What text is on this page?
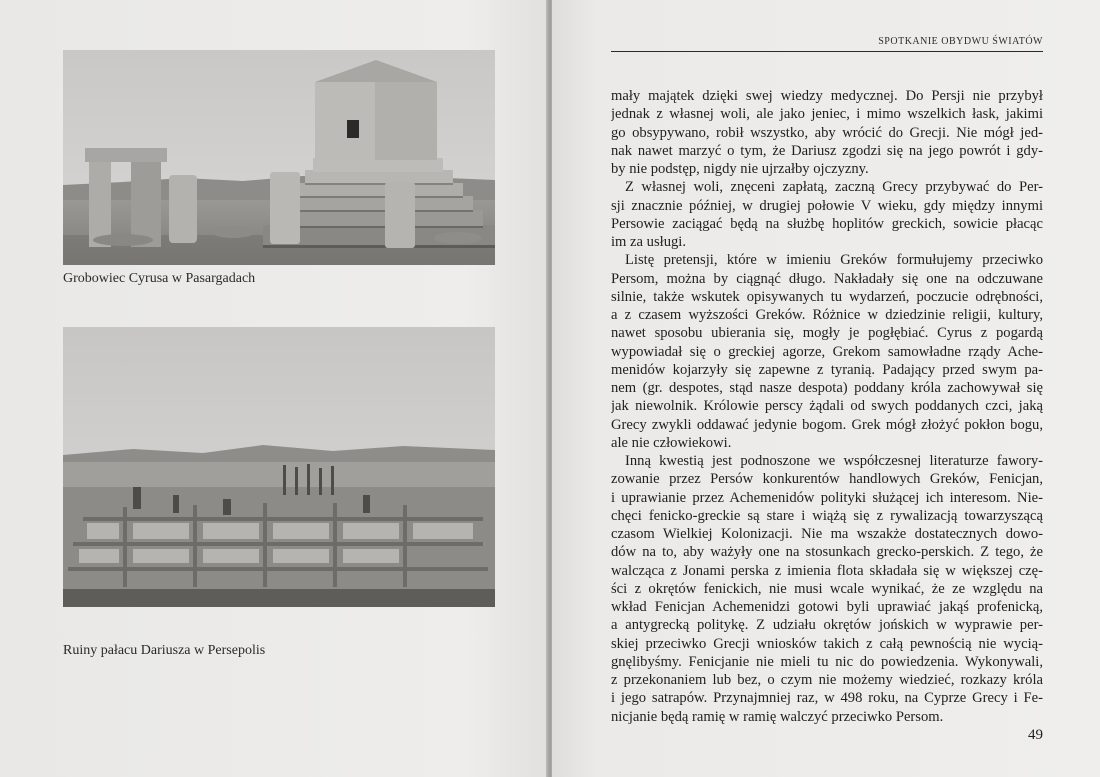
Grobowiec Cyrusa w Pasargadach
Ruiny pałacu Dariusza w Persepolis
SPOTKANIE OBYDWU ŚWIATÓW
mały majątek dzięki swej wiedzy medycznej. Do Persji nie przybył
jednak z własnej woli, ale jako jeniec, i mimo wszelkich łask, jakimi
go obsypywano, robił wszystko, aby wrócić do Grecji. Nie mógł jed-
nak nawet marzyć o tym, że Dariusz zgodzi się na jego powrót i gdy-
by nie podstęp, nigdy nie ujrzałby ojczyzny.
Z własnej woli, znęceni zapłatą, zaczną Grecy przybywać do Per-
sji znacznie później, w drugiej połowie V wieku, gdy między innymi
Persowie zaciągać będą na służbę hoplitów greckich, sowicie płacąc
im za usługi.
Listę pretensji, które w imieniu Greków formułujemy przeciwko
Persom, można by ciągnąć długo. Nakładały się one na odczuwane
silnie, także wskutek opisywanych tu wydarzeń, poczucie odrębności,
a z czasem wyższości Greków. Różnice w dziedzinie religii, kultury,
nawet sposobu ubierania się, mogły je pogłębiać. Cyrus z pogardą
wypowiadał się o greckiej agorze, Grekom samowładne rządy Ache-
menidów kojarzyły się zapewne z tyranią. Padający przed swym pa-
nem (gr. despotes, stąd nasze despota) poddany króla zachowywał się
jak niewolnik. Królowie perscy żądali od swych poddanych czci, jaką
Grecy zwykli oddawać jedynie bogom. Grek mógł złożyć pokłon bogu,
ale nie człowiekowi.
Inną kwestią jest podnoszone we współczesnej literaturze fawory-
zowanie przez Persów konkurentów handlowych Greków, Fenicjan,
i uprawianie przez Achemenidów polityki służącej ich interesom. Nie-
chęci fenicko-greckie są stare i wiążą się z rywalizacją towarzyszącą
czasom Wielkiej Kolonizacji. Nie ma wszakże dostatecznych dowo-
dów na to, aby ważyły one na stosunkach grecko-perskich. Z tego, że
walcząca z Jonami perska z imienia flota składała się w większej czę-
ści z okrętów fenickich, nie musi wcale wynikać, że ze względu na
wkład Fenicjan Achemenidzi gotowi byli uprawiać jakąś profenicką,
a antygrecką politykę. Z udziału okrętów jońskich w wyprawie per-
skiej przeciwko Grecji wniosków takich z całą pewnością nie wycią-
gnęlibyśmy. Fenicjanie nie mieli tu nic do powiedzenia. Wykonywali,
z przekonaniem lub bez, o czym nie możemy wiedzieć, rozkazy króla
i jego satrapów. Przynajmniej raz, w 498 roku, na Cyprze Grecy i Fe-
nicjanie będą ramię w ramię walczyć przeciwko Persom.
49
